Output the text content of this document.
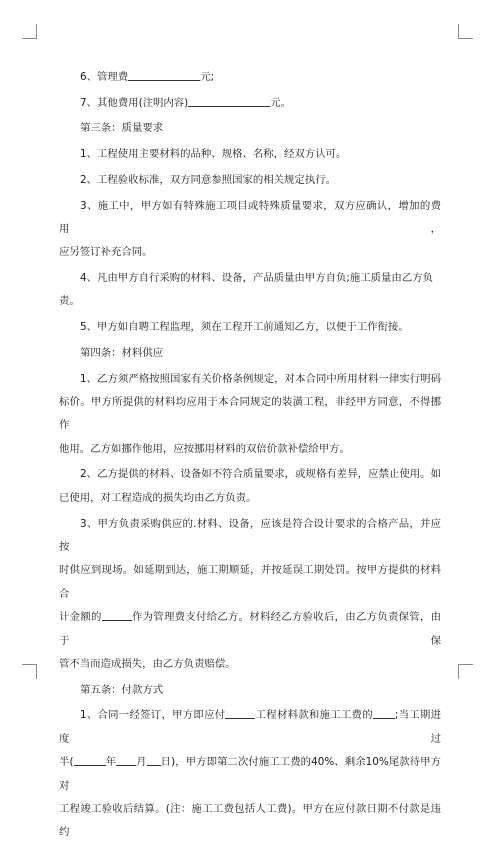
6、管理费	元;

7、其他费用(注明内容)	元。

第三条：质量要求

1、工程使用主要材料的品种、规格、名称，经双方认可。

2、工程验收标准，双方同意参照国家的相关规定执行。

3、施工中，甲方如有特殊施工项目或特殊质量要求，双方应确认，增加的费用，

应另签订补充合同。

4、凡由甲方自行采购的材料、设备，产品质量由甲方自负;施工质量由乙方负责。

5、甲方如自聘工程监理，须在工程开工前通知乙方，以便于工作衔接。

第四条：材料供应

1、乙方须严格按照国家有关价格条例规定，对本合同中所用材料一律实行明码

标价。甲方所提供的材料均应用于本合同规定的装潢工程，非经甲方同意，不得挪作

他用。乙方如挪作他用，应按挪用材料的双倍价款补偿给甲方。

2、乙方提供的材料、设备如不符合质量要求，或规格有差异，应禁止使用。如

已使用，对工程造成的损失均由乙方负责。

3、甲方负责采购供应的.材料、设备，应该是符合设计要求的合格产品，并应按

时供应到现场。如延期到达，施工期顺延，并按延误工期处罚。按甲方提供的材料合

计金额的	作为管理费支付给乙方。材料经乙方验收后，由乙方负责保管，由于保

管不当而造成损失，由乙方负责赔偿。

第五条：付款方式

1、合同一经签订，甲方即应付	工程材料款和施工工费的 ;当工期进度过

半(	年 月 日)，甲方即第二次付施工工费的40%、剩余10%尾款待甲方对

工程竣工验收后结算。(注：施工工费包括人工费)。甲方在应付款日期不付款是违约
